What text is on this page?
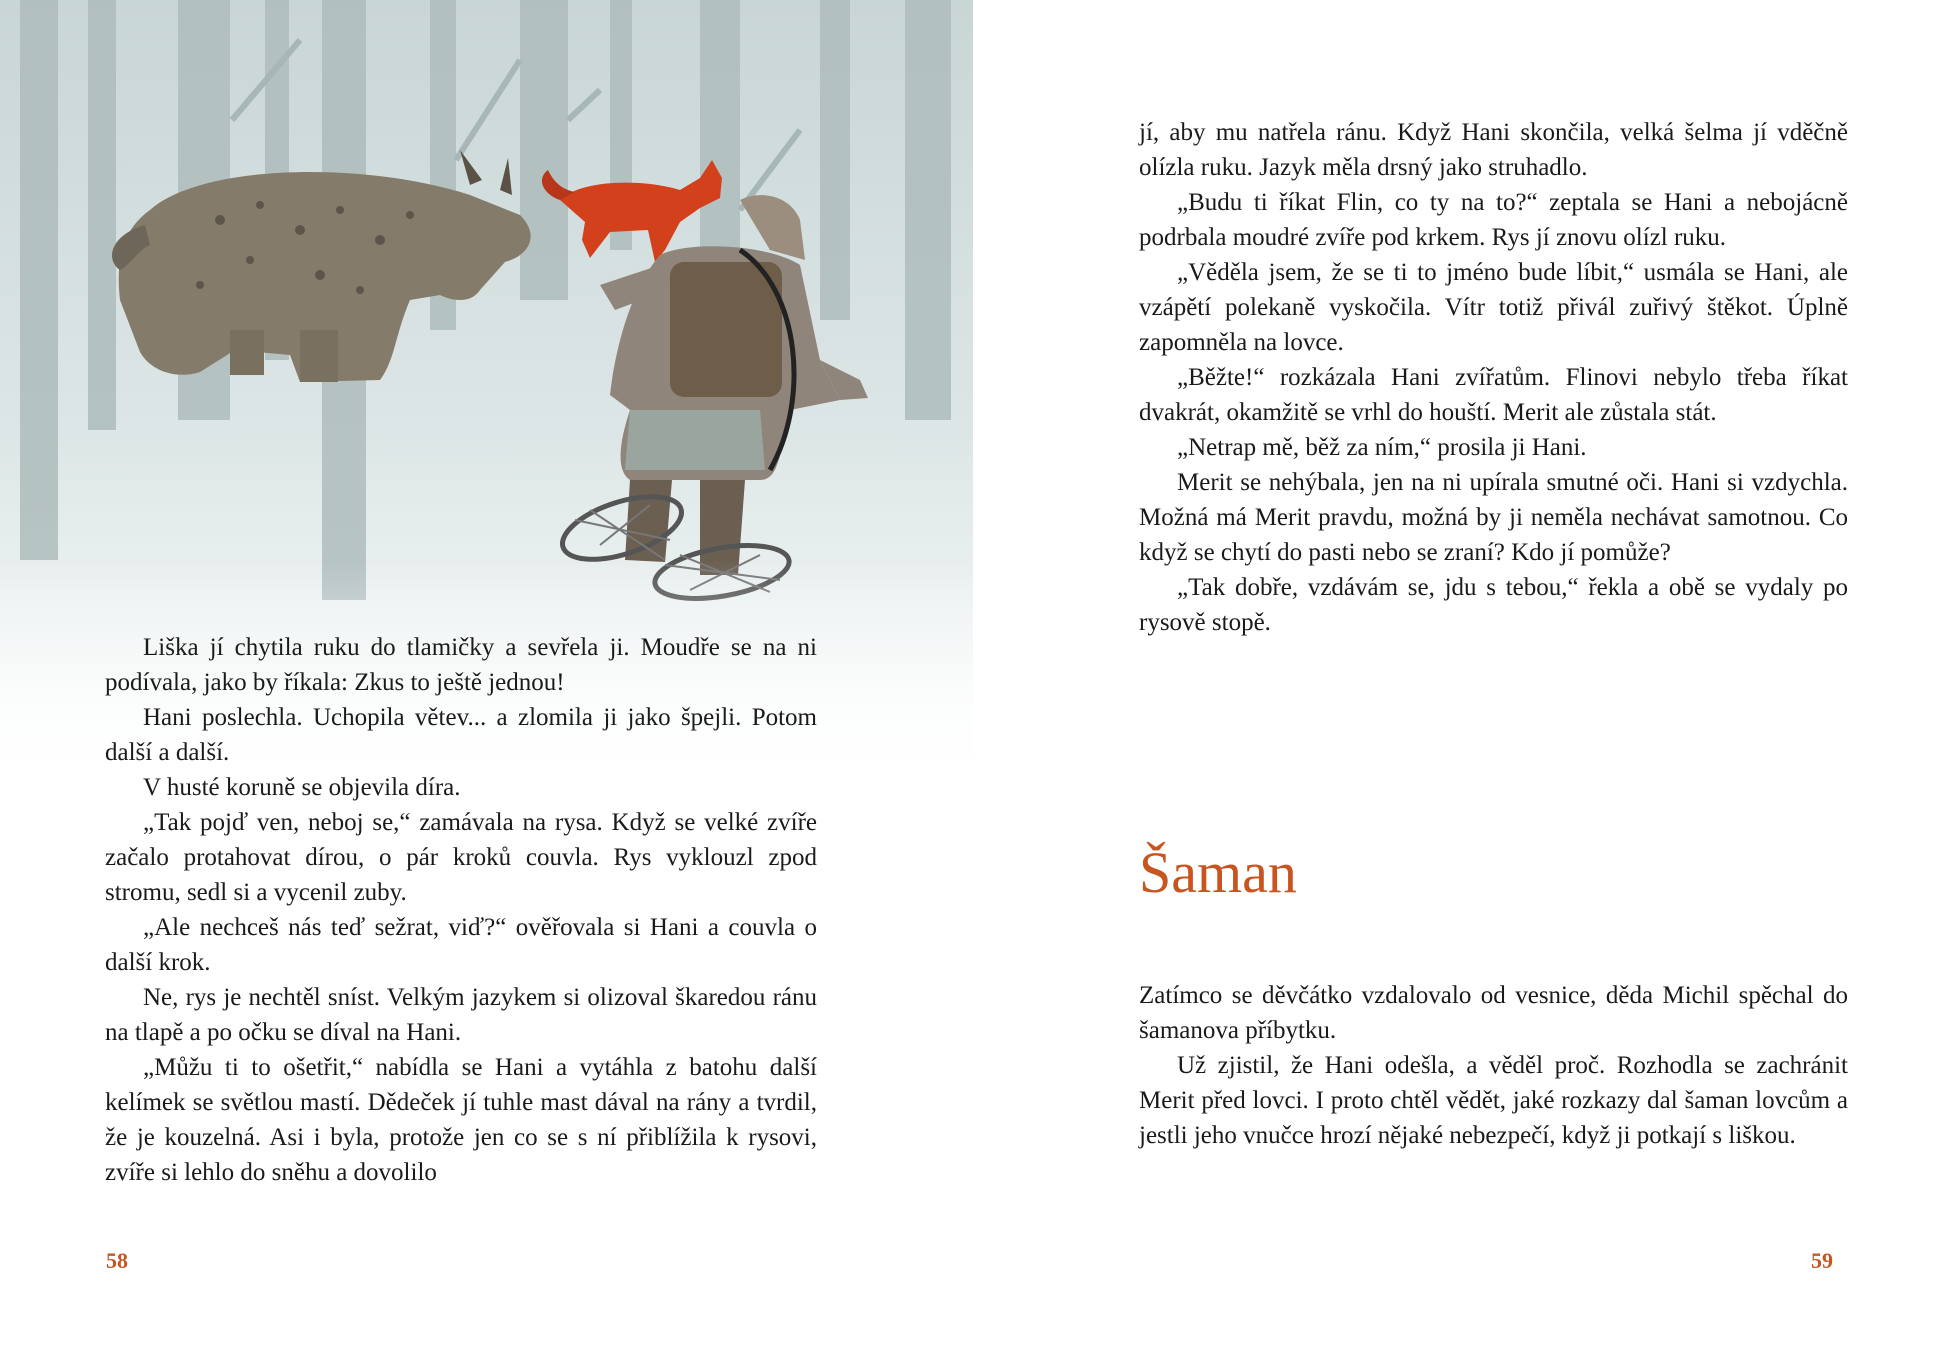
Liška jí chytila ruku do tlamičky a sevřela ji. Moudře se na ni podívala, jako by říkala: Zkus to ještě jednou!

Hani poslechla. Uchopila větev... a zlomila ji jako špejli. Potom další a další.

V husté koruně se objevila díra.

„Tak pojď ven, neboj se,“ zamávala na rysa. Když se velké zvíře začalo protahovat dírou, o pár kroků couvla. Rys vyklouzl zpod stromu, sedl si a vycenil zuby.

„Ale nechceš nás teď sežrat, viď?“ ověřovala si Hani a couvla o další krok.

Ne, rys je nechtěl sníst. Velkým jazykem si olizoval škaredou ránu na tlapě a po očku se díval na Hani.

„Můžu ti to ošetřit,“ nabídla se Hani a vytáhla z batohu další kelímek se světlou mastí. Dědeček jí tuhle mast dával na rány a tvrdil, že je kouzelná. Asi i byla, protože jen co se s ní přiblížila k rysovi, zvíře si lehlo do sněhu a dovolilo

58

jí, aby mu natřela ránu. Když Hani skončila, velká šelma jí vděčně olízla ruku. Jazyk měla drsný jako struhadlo.

„Budu ti říkat Flin, co ty na to?“ zeptala se Hani a nebojácně podrbala moudré zvíře pod krkem. Rys jí znovu olízl ruku.

„Věděla jsem, že se ti to jméno bude líbit,“ usmála se Hani, ale vzápětí polekaně vyskočila. Vítr totiž přivál zuřivý štěkot. Úplně zapomněla na lovce.

„Běžte!“ rozkázala Hani zvířatům. Flinovi nebylo třeba říkat dvakrát, okamžitě se vrhl do houští. Merit ale zůstala stát.

„Netrap mě, běž za ním,“ prosila ji Hani.

Merit se nehýbala, jen na ni upírala smutné oči. Hani si vzdychla. Možná má Merit pravdu, možná by ji neměla nechávat samotnou. Co když se chytí do pasti nebo se zraní? Kdo jí pomůže?

„Tak dobře, vzdávám se, jdu s tebou,“ řekla a obě se vydaly po rysově stopě.

Šaman

Zatímco se děvčátko vzdalovalo od vesnice, děda Michil spěchal do šamanova příbytku.

Už zjistil, že Hani odešla, a věděl proč. Rozhodla se zachránit Merit před lovci. I proto chtěl vědět, jaké rozkazy dal šaman lovcům a jestli jeho vnučce hrozí nějaké nebezpečí, když ji potkají s liškou.

59
